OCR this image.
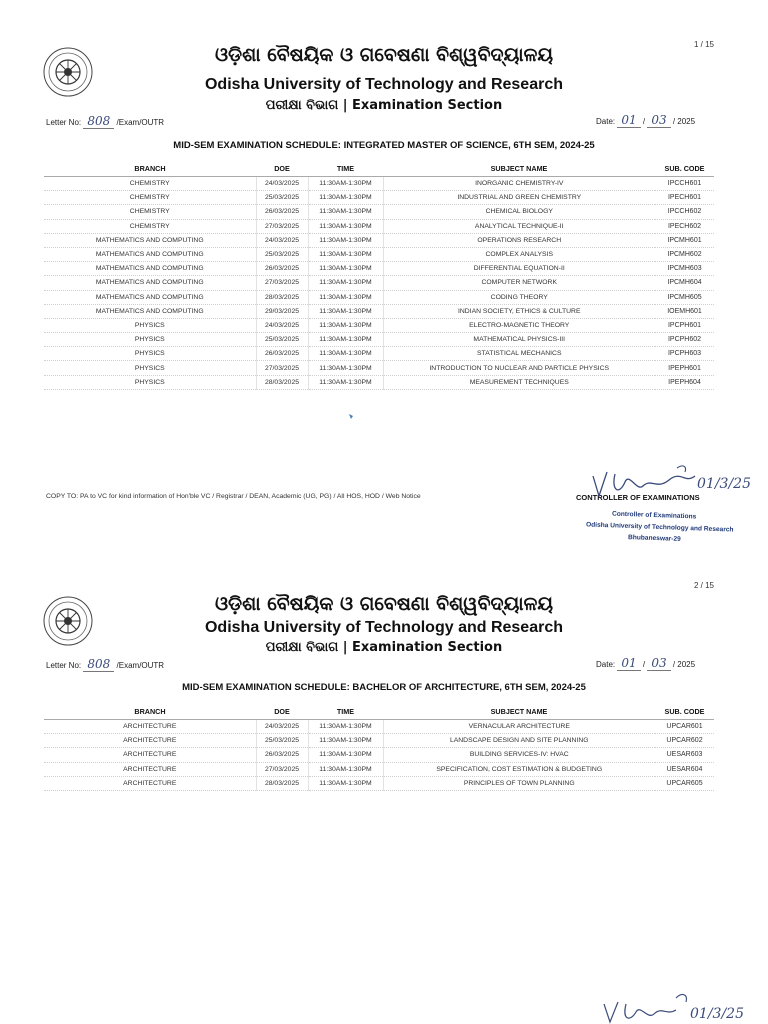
1 / 15
ଓଡ଼ିଶା ବୈଷୟିକ ଓ ଗବେଷଣା ବିଶ୍ୱବିଦ୍ୟାଳୟ
Odisha University of Technology and Research
ପରୀକ୍ଷା ବିଭାଗ | Examination Section
Letter No: 808 /Exam/OUTR	Date: 01 / 03 / 2025
MID-SEM EXAMINATION SCHEDULE: INTEGRATED MASTER OF SCIENCE, 6TH SEM, 2024-25
BRANCH	DOE	TIME	SUBJECT NAME	SUB. CODE
CHEMISTRY	24/03/2025	11:30AM-1:30PM	INORGANIC CHEMISTRY-IV	IPCCH601
CHEMISTRY	25/03/2025	11:30AM-1:30PM	INDUSTRIAL AND GREEN CHEMISTRY	IPECH601
CHEMISTRY	26/03/2025	11:30AM-1:30PM	CHEMICAL BIOLOGY	IPCCH602
CHEMISTRY	27/03/2025	11:30AM-1:30PM	ANALYTICAL TECHNIQUE-II	IPECH602
MATHEMATICS AND COMPUTING	24/03/2025	11:30AM-1:30PM	OPERATIONS RESEARCH	IPCMH601
MATHEMATICS AND COMPUTING	25/03/2025	11:30AM-1:30PM	COMPLEX ANALYSIS	IPCMH602
MATHEMATICS AND COMPUTING	26/03/2025	11:30AM-1:30PM	DIFFERENTIAL EQUATION-II	IPCMH603
MATHEMATICS AND COMPUTING	27/03/2025	11:30AM-1:30PM	COMPUTER NETWORK	IPCMH604
MATHEMATICS AND COMPUTING	28/03/2025	11:30AM-1:30PM	CODING THEORY	IPCMH605
MATHEMATICS AND COMPUTING	29/03/2025	11:30AM-1:30PM	INDIAN SOCIETY, ETHICS & CULTURE	IOEMH601
PHYSICS	24/03/2025	11:30AM-1:30PM	ELECTRO-MAGNETIC THEORY	IPCPH601
PHYSICS	25/03/2025	11:30AM-1:30PM	MATHEMATICAL PHYSICS-III	IPCPH602
PHYSICS	26/03/2025	11:30AM-1:30PM	STATISTICAL MECHANICS	IPCPH603
PHYSICS	27/03/2025	11:30AM-1:30PM	INTRODUCTION TO NUCLEAR AND PARTICLE PHYSICS	IPEPH601
PHYSICS	28/03/2025	11:30AM-1:30PM	MEASUREMENT TECHNIQUES	IPEPH604
COPY TO: PA to VC for kind information of Hon'ble VC / Registrar / DEAN, Academic (UG, PG) / All HOS, HOD / Web Notice	CONTROLLER OF EXAMINATIONS
01/3/25
Controller of Examinations
Odisha University of Technology and Research
Bhubaneswar-29
2 / 15
ଓଡ଼ିଶା ବୈଷୟିକ ଓ ଗବେଷଣା ବିଶ୍ୱବିଦ୍ୟାଳୟ
Odisha University of Technology and Research
ପରୀକ୍ଷା ବିଭାଗ | Examination Section
Letter No: 808 /Exam/OUTR	Date: 01 / 03 / 2025
MID-SEM EXAMINATION SCHEDULE: BACHELOR OF ARCHITECTURE, 6TH SEM, 2024-25
BRANCH	DOE	TIME	SUBJECT NAME	SUB. CODE
ARCHITECTURE	24/03/2025	11:30AM-1:30PM	VERNACULAR ARCHITECTURE	UPCAR601
ARCHITECTURE	25/03/2025	11:30AM-1:30PM	LANDSCAPE DESIGN AND SITE PLANNING	UPCAR602
ARCHITECTURE	26/03/2025	11:30AM-1:30PM	BUILDING SERVICES-IV: HVAC	UESAR603
ARCHITECTURE	27/03/2025	11:30AM-1:30PM	SPECIFICATION, COST ESTIMATION & BUDGETING	UESAR604
ARCHITECTURE	28/03/2025	11:30AM-1:30PM	PRINCIPLES OF TOWN PLANNING	UPCAR605
01/3/25
